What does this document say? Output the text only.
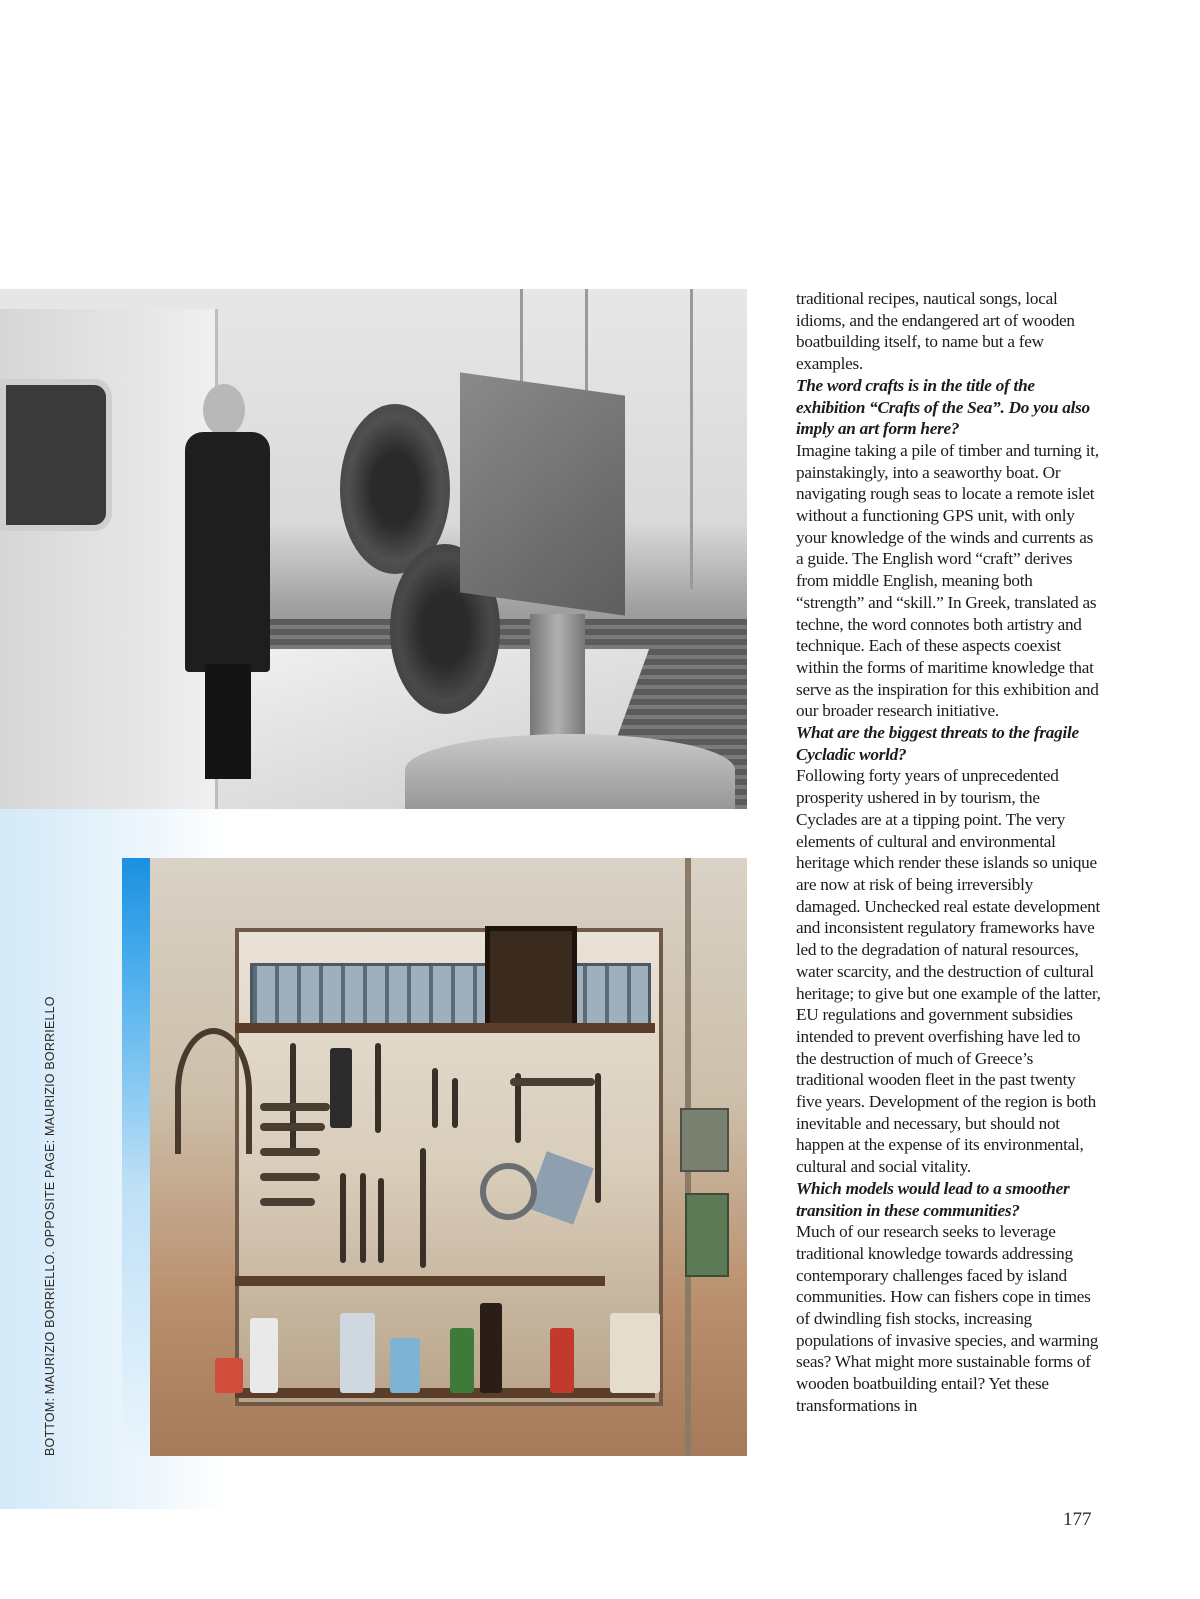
BOTTOM: MAURIZIO BORRIELLO. OPPOSITE PAGE: MAURIZIO BORRIELLO

traditional recipes, nautical songs, local idioms, and the endangered art of wooden boatbuilding itself, to name but a few examples.

The word crafts is in the title of the exhibition “Crafts of the Sea”. Do you also imply an art form here?

Imagine taking a pile of timber and turning it, painstakingly, into a seaworthy boat. Or navigating rough seas to locate a remote islet without a functioning GPS unit, with only your knowledge of the winds and currents as a guide. The English word “craft” derives from middle English, meaning both “strength” and “skill.” In Greek, translated as techne, the word connotes both artistry and technique. Each of these aspects coexist within the forms of maritime knowledge that serve as the inspiration for this exhibition and our broader research initiative.

What are the biggest threats to the fragile Cycladic world?

Following forty years of unprecedented prosperity ushered in by tourism, the Cyclades are at a tipping point. The very elements of cultural and environmental heritage which render these islands so unique are now at risk of being irreversibly damaged. Unchecked real estate development and inconsistent regulatory frameworks have led to the degradation of natural resources, water scarcity, and the destruction of cultural heritage; to give but one example of the latter, EU regulations and government subsidies intended to prevent overfishing have led to the destruction of much of Greece’s traditional wooden fleet in the past twenty five years. Development of the region is both inevitable and necessary, but should not happen at the expense of its environmental, cultural and social vitality.

Which models would lead to a smoother transition in these communities?

Much of our research seeks to leverage traditional knowledge towards addressing contemporary challenges faced by island communities. How can fishers cope in times of dwindling fish stocks, increasing populations of invasive species, and warming seas? What might more sustainable forms of wooden boatbuilding entail? Yet these transformations in

177
